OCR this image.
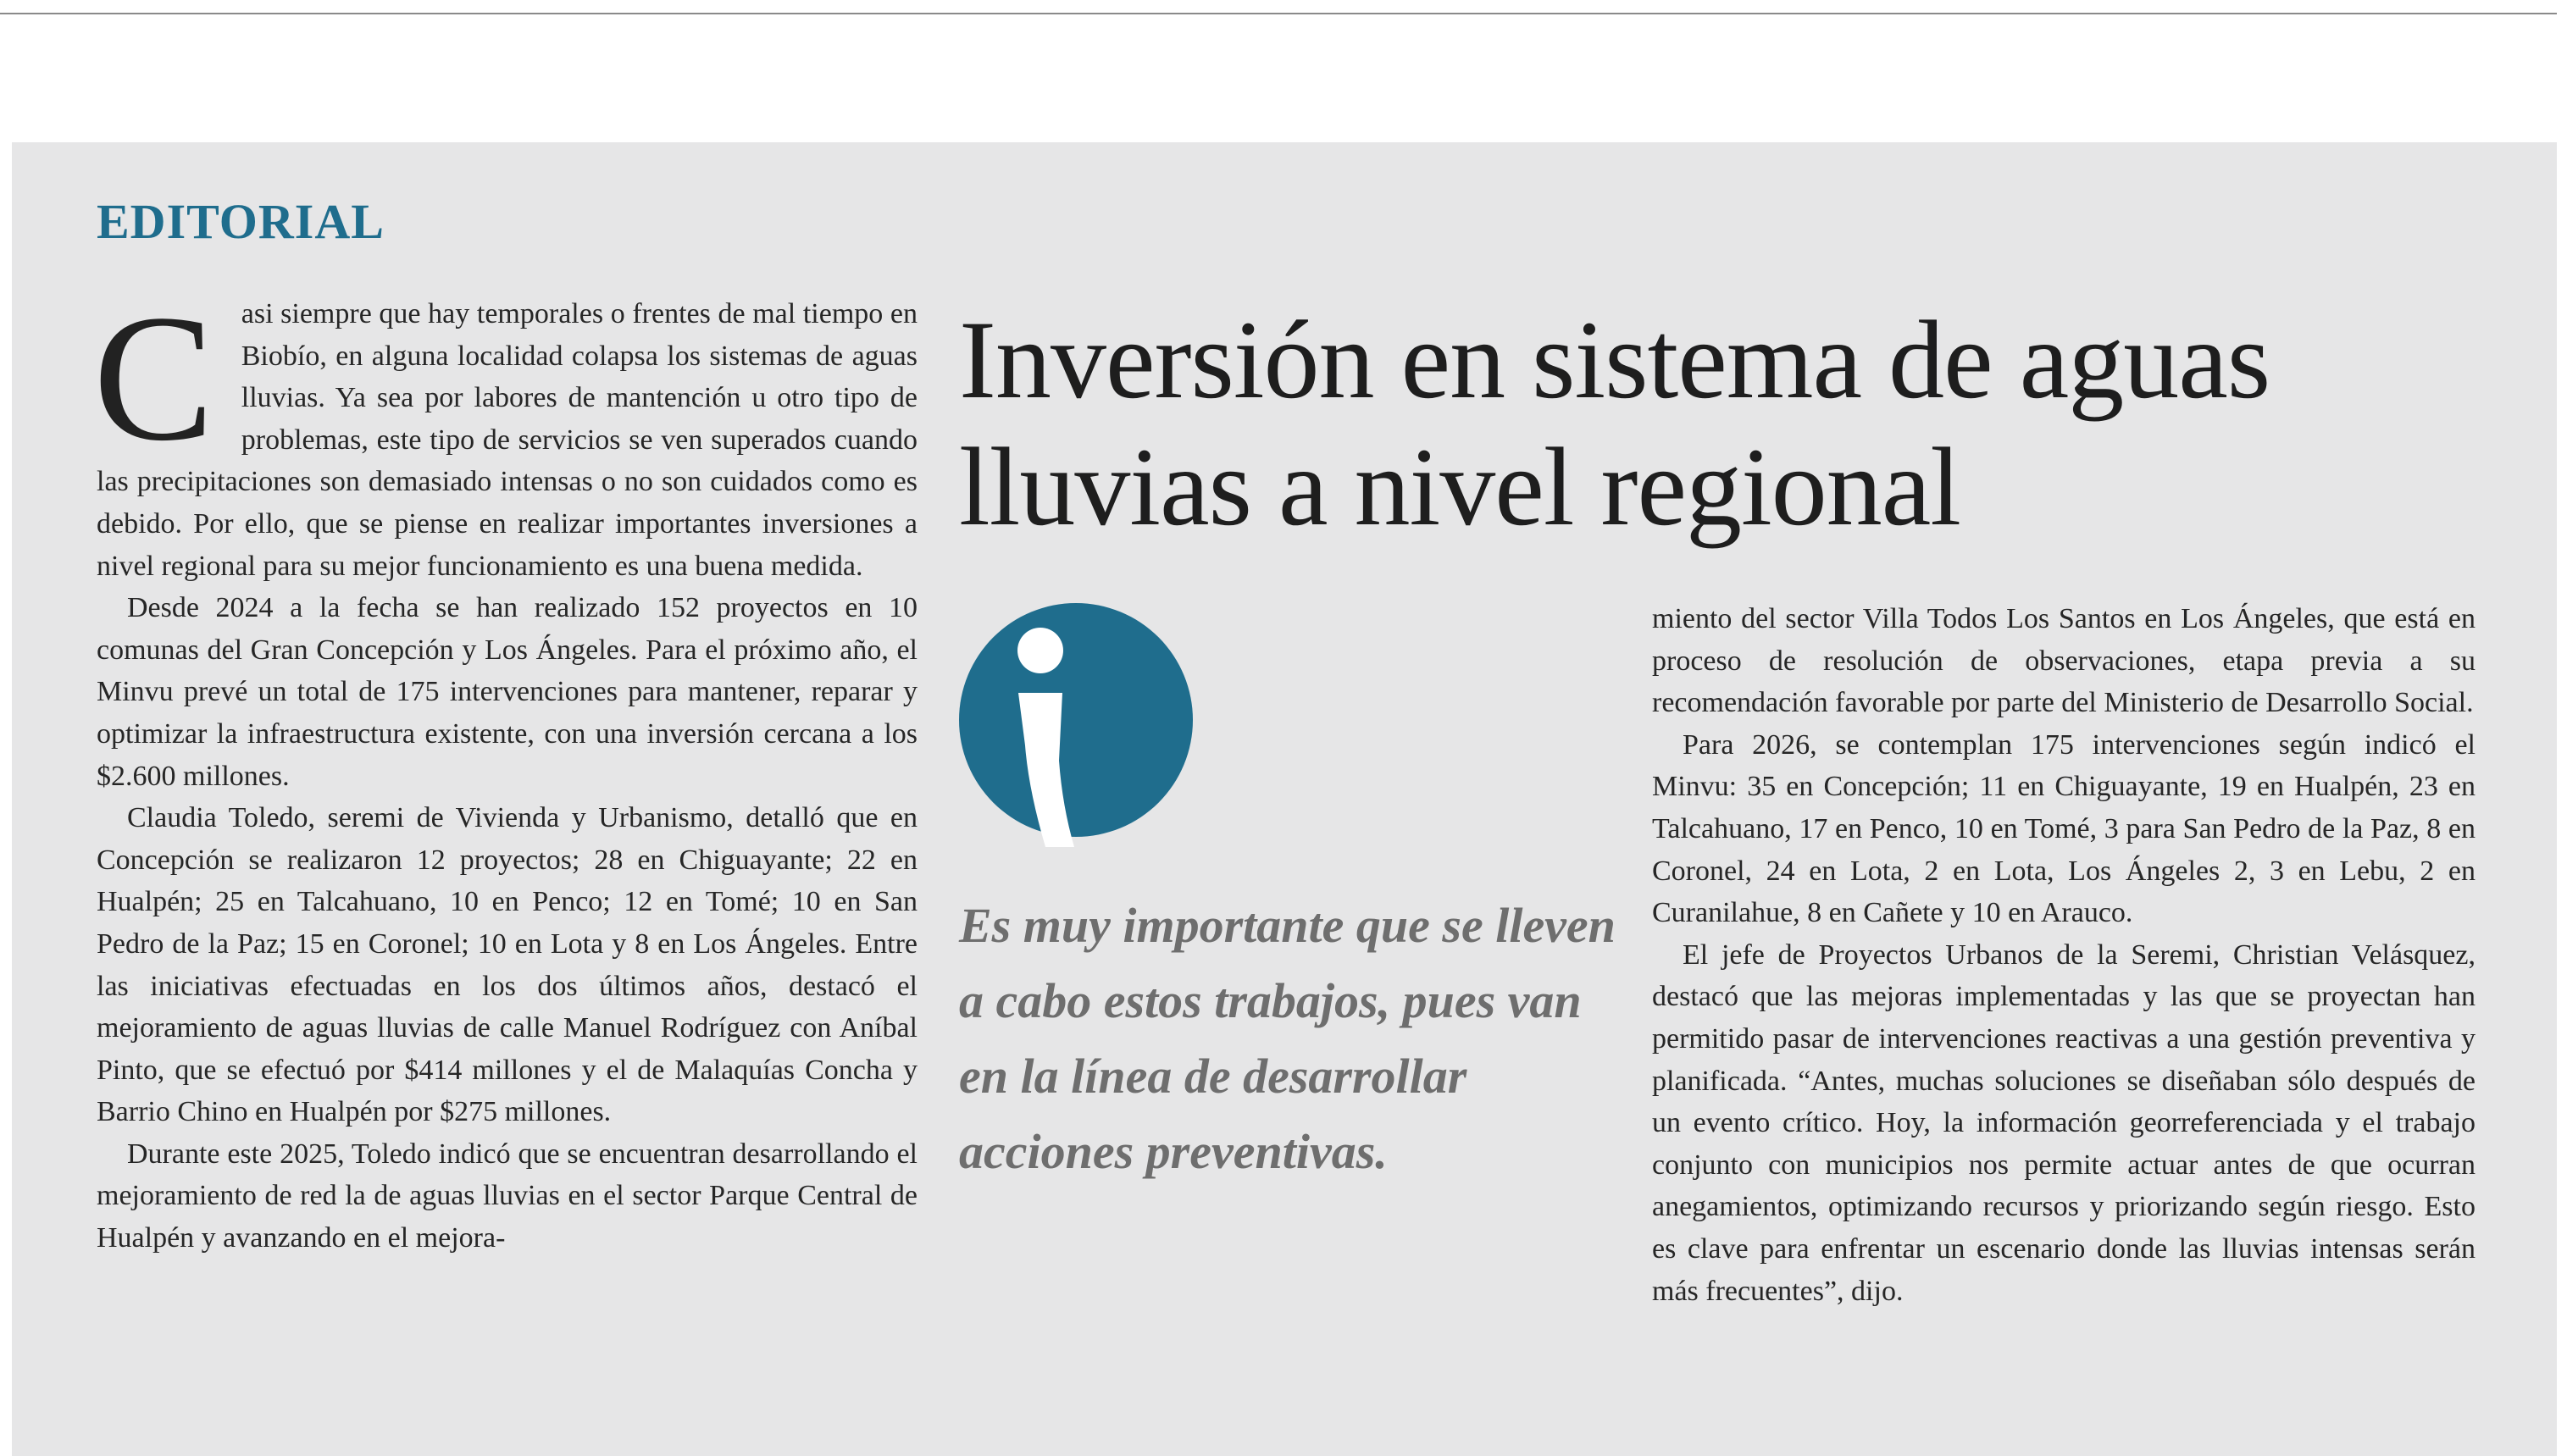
EDITORIAL
C asi siempre que hay temporales o frentes de mal tiempo en Biobío, en alguna localidad colapsa los sistemas de aguas lluvias. Ya sea por labores de mantención u otro tipo de problemas, este tipo de servicios se ven superados cuando las precipitaciones son demasiado intensas o no son cuidados como es debido. Por ello, que se piense en realizar importantes inversiones a nivel regional para su mejor funcionamiento es una buena medida.

Desde 2024 a la fecha se han realizado 152 proyectos en 10 comunas del Gran Concepción y Los Ángeles. Para el próximo año, el Minvu prevé un total de 175 intervenciones para mantener, reparar y optimizar la infraestructura existente, con una inversión cercana a los $2.600 millones.

Claudia Toledo, seremi de Vivienda y Urbanismo, detalló que en Concepción se realizaron 12 proyectos; 28 en Chiguayante; 22 en Hualpén; 25 en Talcahuano, 10 en Penco; 12 en Tomé; 10 en San Pedro de la Paz; 15 en Coronel; 10 en Lota y 8 en Los Ángeles. Entre las iniciativas efectuadas en los dos últimos años, destacó el mejoramiento de aguas lluvias de calle Manuel Rodríguez con Aníbal Pinto, que se efectuó por $414 millones y el de Malaquías Concha y Barrio Chino en Hualpén por $275 millones.

Durante este 2025, Toledo indicó que se encuentran desarrollando el mejoramiento de red la de aguas lluvias en el sector Parque Central de Hualpén y avanzando en el mejora-

Inversión en sistema de aguas lluvias a nivel regional

Es muy importante que se lleven a cabo estos trabajos, pues van en la línea de desarrollar acciones preventivas.

miento del sector Villa Todos Los Santos en Los Ángeles, que está en proceso de resolución de observaciones, etapa previa a su recomendación favorable por parte del Ministerio de Desarrollo Social.

Para 2026, se contemplan 175 intervenciones según indicó el Minvu: 35 en Concepción; 11 en Chiguayante, 19 en Hualpén, 23 en Talcahuano, 17 en Penco, 10 en Tomé, 3 para San Pedro de la Paz, 8 en Coronel, 24 en Lota, 2 en Lota, Los Ángeles 2, 3 en Lebu, 2 en Curanilahue, 8 en Cañete y 10 en Arauco.

El jefe de Proyectos Urbanos de la Seremi, Christian Velásquez, destacó que las mejoras implementadas y las que se proyectan han permitido pasar de intervenciones reactivas a una gestión preventiva y planificada. “Antes, muchas soluciones se diseñaban sólo después de un evento crítico. Hoy, la información georreferenciada y el trabajo conjunto con municipios nos permite actuar antes de que ocurran anegamientos, optimizando recursos y priorizando según riesgo. Esto es clave para enfrentar un escenario donde las lluvias intensas serán más frecuentes”, dijo.
